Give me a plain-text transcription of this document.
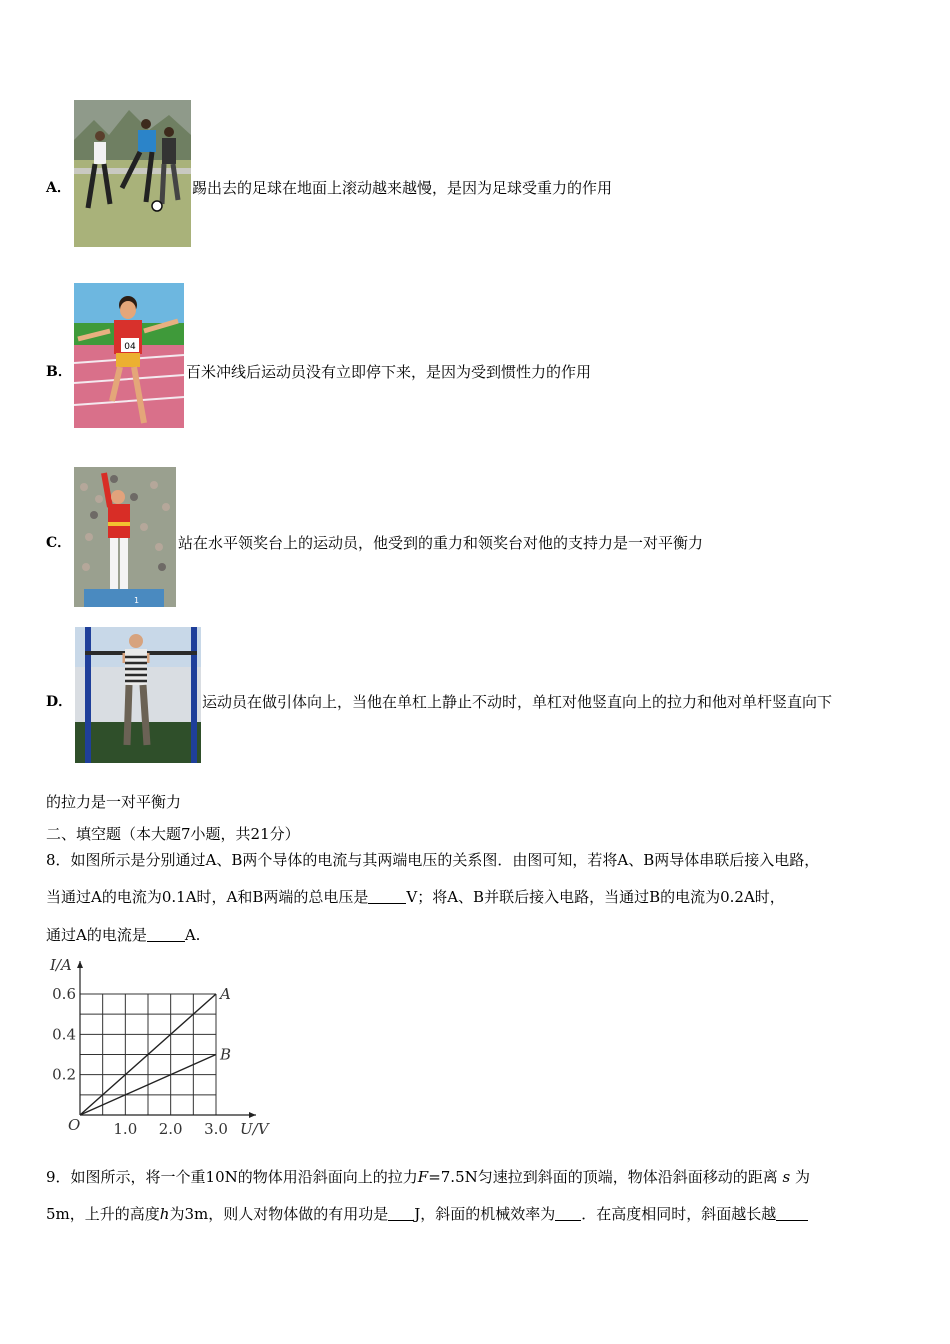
A．	踢出去的足球在地面上滚动越来越慢，是因为足球受重力的作用
B．
04
百米冲线后运动员没有立即停下来，是因为受到惯性力的作用
C．
1
站在水平领奖台上的运动员，他受到的重力和领奖台对他的支持力是一对平衡力
D．	运动员在做引体向上，当他在单杠上静止不动时，单杠对他竖直向上的拉力和他对单杆竖直向下
的拉力是一对平衡力
二、填空题（本大题7小题，共21分）
8．如图所示是分别通过A、B两个导体的电流与其两端电压的关系图．由图可知，若将A、B两导体串联后接入电路，
当通过A的电流为0.1A时，A和B两端的总电压是	V；将A、B并联后接入电路，当通过B的电流为0.2A时，
通过A的电流是	A.
1.0 2.0 3.0
0.2
0.4
0.6
O
I/A
U/V
A
B
9．如图所示，将一个重10N的物体用沿斜面向上的拉力F=7.5N匀速拉到斜面的顶端，物体沿斜面移动的距离 s 为
5m，上升的高度h为3m，则人对物体做的有用功是 J，斜面的机械效率为 ．在高度相同时，斜面越长越
